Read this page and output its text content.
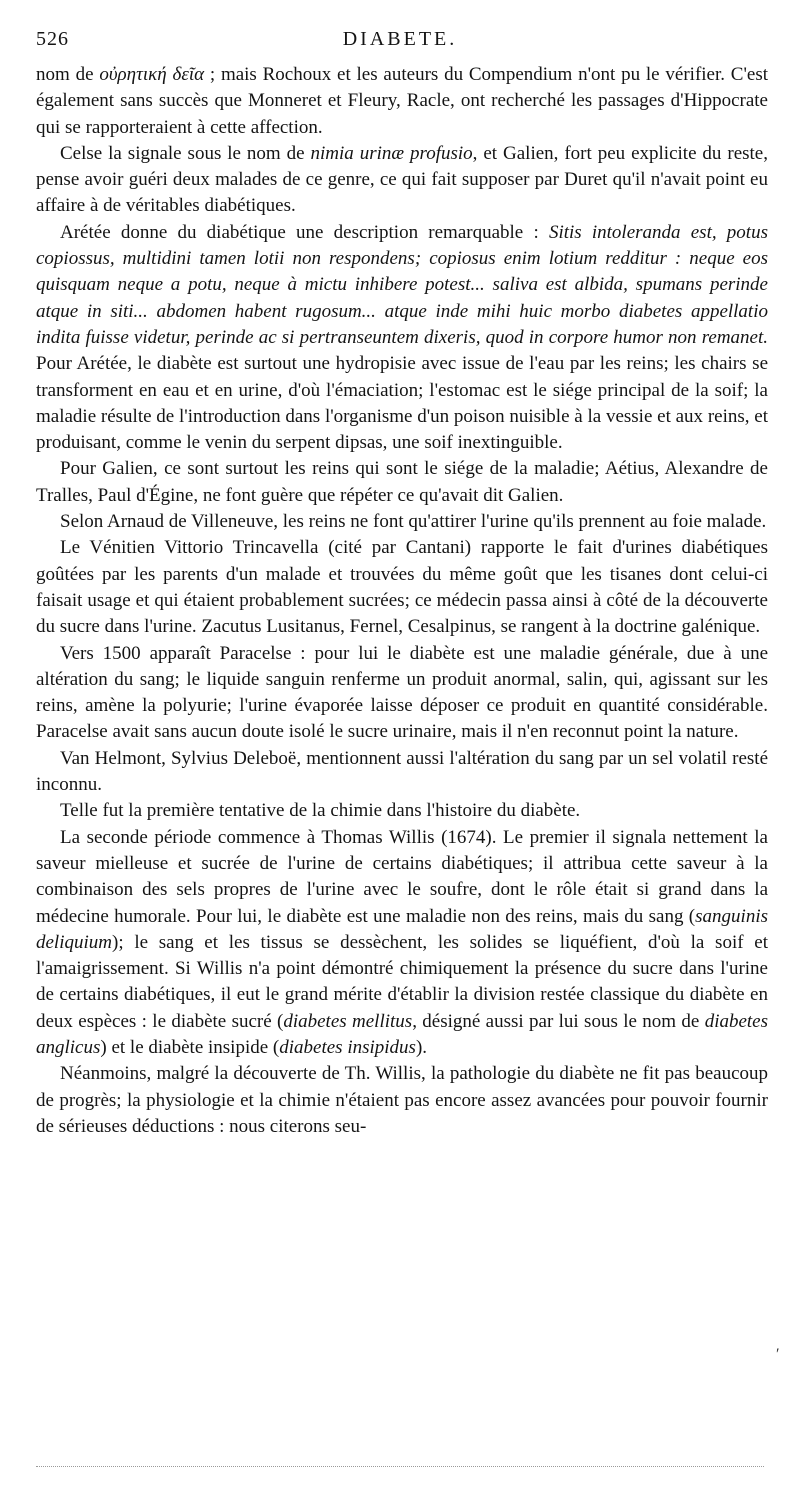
526	DIABETE.

nom de οὐρητική δεῖα ; mais Rochoux et les auteurs du Compendium n'ont pu le vérifier. C'est également sans succès que Monneret et Fleury, Racle, ont recherché les passages d'Hippocrate qui se rapporteraient à cette affection.

Celse la signale sous le nom de nimia urinæ profusio, et Galien, fort peu explicite du reste, pense avoir guéri deux malades de ce genre, ce qui fait supposer par Duret qu'il n'avait point eu affaire à de véritables diabétiques.

Arétée donne du diabétique une description remarquable : Sitis intoleranda est, potus copiossus, multidini tamen lotii non respondens; copiosus enim lotium redditur : neque eos quisquam neque a potu, neque à mictu inhibere potest... saliva est albida, spumans perinde atque in siti... abdomen habent rugosum... atque inde mihi huic morbo diabetes appellatio indita fuisse videtur, perinde ac si pertranseuntem dixeris, quod in corpore humor non remanet. Pour Arétée, le diabète est surtout une hydropisie avec issue de l'eau par les reins; les chairs se transforment en eau et en urine, d'où l'émaciation; l'estomac est le siége principal de la soif; la maladie résulte de l'introduction dans l'organisme d'un poison nuisible à la vessie et aux reins, et produisant, comme le venin du serpent dipsas, une soif inextinguible.

Pour Galien, ce sont surtout les reins qui sont le siége de la maladie; Aétius, Alexandre de Tralles, Paul d'Égine, ne font guère que répéter ce qu'avait dit Galien.

Selon Arnaud de Villeneuve, les reins ne font qu'attirer l'urine qu'ils prennent au foie malade.

Le Vénitien Vittorio Trincavella (cité par Cantani) rapporte le fait d'urines diabétiques goûtées par les parents d'un malade et trouvées du même goût que les tisanes dont celui-ci faisait usage et qui étaient probablement sucrées; ce médecin passa ainsi à côté de la découverte du sucre dans l'urine. Zacutus Lusitanus, Fernel, Cesalpinus, se rangent à la doctrine galénique.

Vers 1500 apparaît Paracelse : pour lui le diabète est une maladie générale, due à une altération du sang; le liquide sanguin renferme un produit anormal, salin, qui, agissant sur les reins, amène la polyurie; l'urine évaporée laisse déposer ce produit en quantité considérable. Paracelse avait sans aucun doute isolé le sucre urinaire, mais il n'en reconnut point la nature.

Van Helmont, Sylvius Deleboë, mentionnent aussi l'altération du sang par un sel volatil resté inconnu.

Telle fut la première tentative de la chimie dans l'histoire du diabète.

La seconde période commence à Thomas Willis (1674). Le premier il signala nettement la saveur mielleuse et sucrée de l'urine de certains diabétiques; il attribua cette saveur à la combinaison des sels propres de l'urine avec le soufre, dont le rôle était si grand dans la médecine humorale. Pour lui, le diabète est une maladie non des reins, mais du sang (sanguinis deliquium); le sang et les tissus se dessèchent, les solides se liquéfient, d'où la soif et l'amaigrissement. Si Willis n'a point démontré chimiquement la présence du sucre dans l'urine de certains diabétiques, il eut le grand mérite d'établir la division restée classique du diabète en deux espèces : le diabète sucré (diabetes mellitus, désigné aussi par lui sous le nom de diabetes anglicus) et le diabète insipide (diabetes insipidus).

Néanmoins, malgré la découverte de Th. Willis, la pathologie du diabète ne fit pas beaucoup de progrès; la physiologie et la chimie n'étaient pas encore assez avancées pour pouvoir fournir de sérieuses déductions : nous citerons seu-

′
